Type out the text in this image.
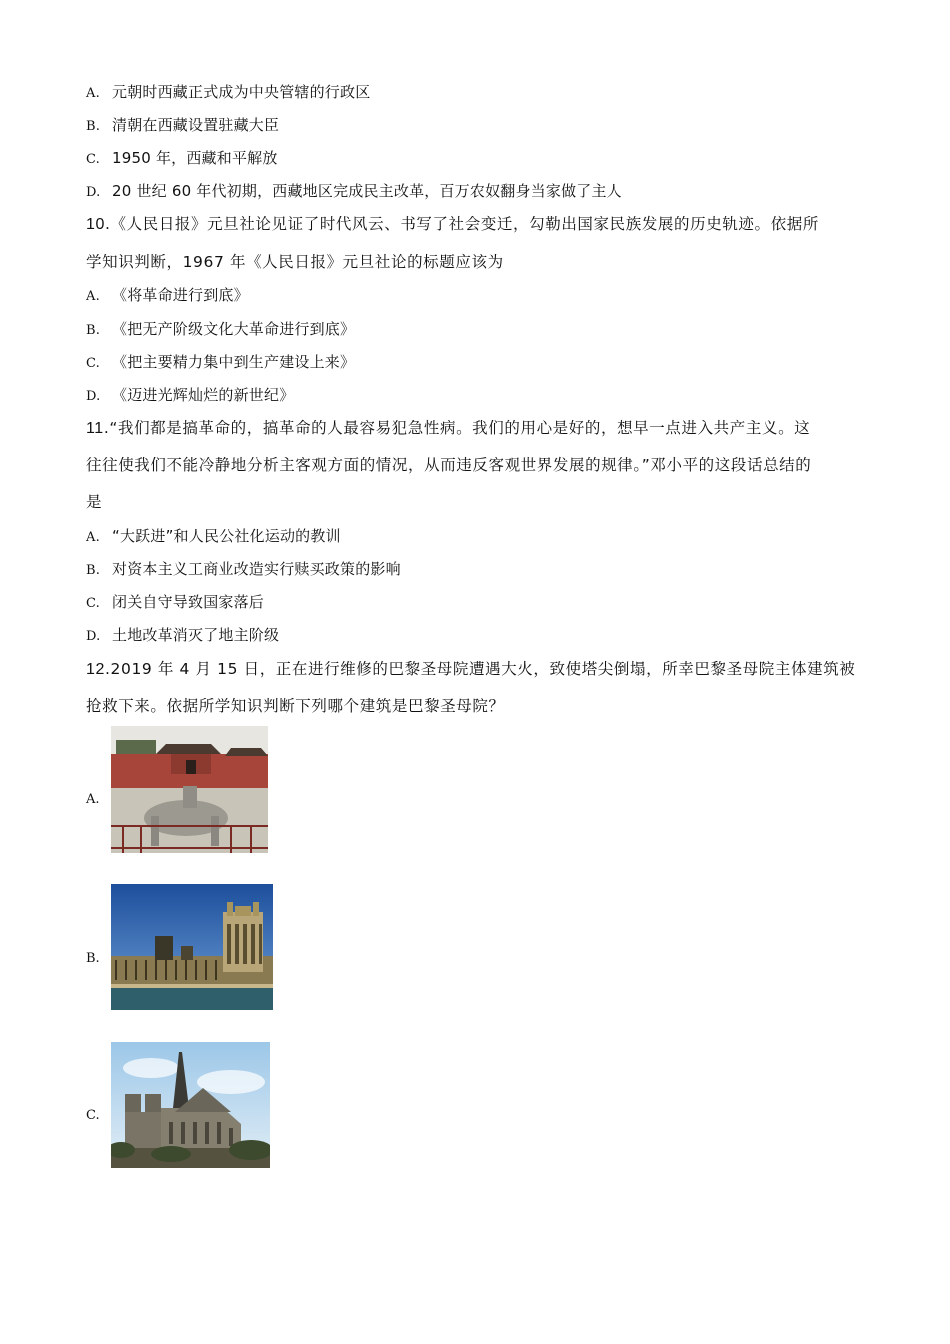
A. 元朝时西藏正式成为中央管辖的行政区
B. 清朝在西藏设置驻藏大臣
C. 1950 年，西藏和平解放
D. 20 世纪 60 年代初期，西藏地区完成民主改革，百万农奴翻身当家做了主人
10.《人民日报》元旦社论见证了时代风云、书写了社会变迁，勾勒出国家民族发展的历史轨迹。依据所
学知识判断，1967 年《人民日报》元旦社论的标题应该为
A. 《将革命进行到底》
B. 《把无产阶级文化大革命进行到底》
C. 《把主要精力集中到生产建设上来》
D. 《迈进光辉灿烂的新世纪》
11.“我们都是搞革命的，搞革命的人最容易犯急性病。我们的用心是好的，想早一点进入共产主义。这
往往使我们不能冷静地分析主客观方面的情况，从而违反客观世界发展的规律。”邓小平的这段话总结的
是
A. “大跃进”和人民公社化运动的教训
B. 对资本主义工商业改造实行赎买政策的影响
C. 闭关自守导致国家落后
D. 土地改革消灭了地主阶级
12.2019 年 4 月 15 日，正在进行维修的巴黎圣母院遭遇大火，致使塔尖倒塌，所幸巴黎圣母院主体建筑被
抢救下来。依据所学知识判断下列哪个建筑是巴黎圣母院？
A.
B.
C.
